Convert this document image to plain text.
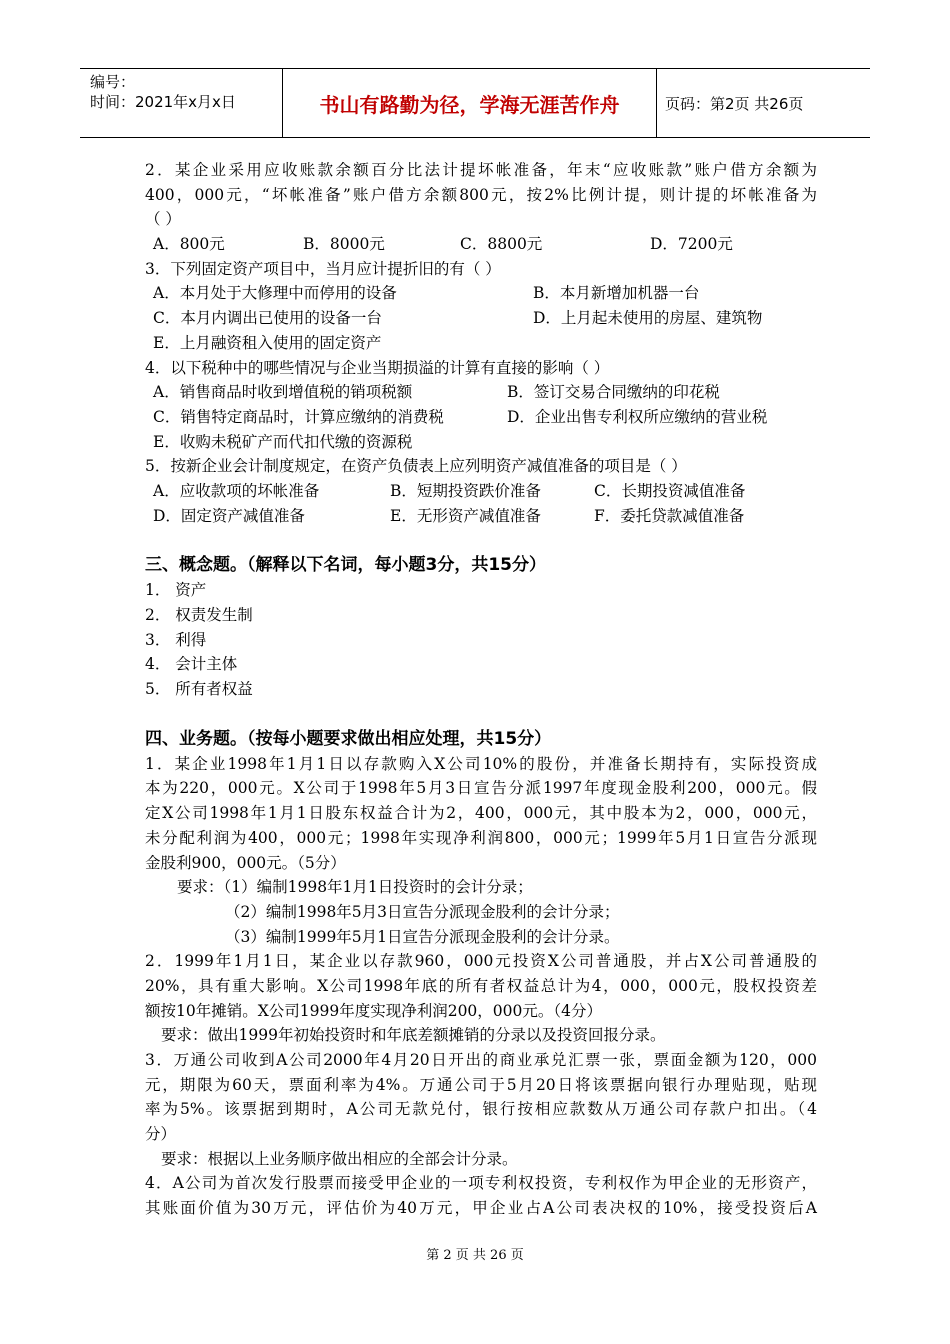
编号：
时间：2021年x月x日	书山有路勤为径，学海无涯苦作舟	页码：第2页 共26页
2．某企业采用应收账款余额百分比法计提坏帐准备，年末“应收账款”账户借方余额为
400，000元，“坏帐准备”账户借方余额800元，按2%比例计提，则计提的坏帐准备为
（ ）
A．800元	B．8000元	C．8800元	D．7200元
3．下列固定资产项目中，当月应计提折旧的有（ ）
A．本月处于大修理中而停用的设备	B．本月新增加机器一台
C．本月内调出已使用的设备一台	D．上月起未使用的房屋、建筑物
E．上月融资租入使用的固定资产
4．以下税种中的哪些情况与企业当期损溢的计算有直接的影响（ ）
A．销售商品时收到增值税的销项税额	B．签订交易合同缴纳的印花税
C．销售特定商品时，计算应缴纳的消费税	D．企业出售专利权所应缴纳的营业税
E．收购未税矿产而代扣代缴的资源税
5．按新企业会计制度规定，在资产负债表上应列明资产减值准备的项目是（ ）
A．应收款项的坏帐准备	B．短期投资跌价准备	C．长期投资减值准备
D．固定资产减值准备	E．无形资产减值准备	F．委托贷款减值准备
三、概念题。（解释以下名词，每小题3分，共15分）
1． 资产
2． 权责发生制
3． 利得
4． 会计主体
5． 所有者权益
四、业务题。（按每小题要求做出相应处理，共15分）
1．某企业1998年1月1日以存款购入X公司10%的股份，并准备长期持有，实际投资成
本为220，000元。X公司于1998年5月3日宣告分派1997年度现金股利200，000元。假
定X公司1998年1月1日股东权益合计为2，400，000元，其中股本为2，000，000元，
未分配利润为400，000元；1998年实现净利润800，000元；1999年5月1日宣告分派现
金股利900，000元。（5分）
要求：（1）编制1998年1月1日投资时的会计分录；
（2）编制1998年5月3日宣告分派现金股利的会计分录；
（3）编制1999年5月1日宣告分派现金股利的会计分录。
2．1999年1月1日，某企业以存款960，000元投资X公司普通股，并占X公司普通股的
20%，具有重大影响。X公司1998年底的所有者权益总计为4，000，000元，股权投资差
额按10年摊销。X公司1999年度实现净利润200，000元。（4分）
要求：做出1999年初始投资时和年底差额摊销的分录以及投资回报分录。
3．万通公司收到A公司2000年4月20日开出的商业承兑汇票一张，票面金额为120，000
元，期限为60天，票面利率为4%。万通公司于5月20日将该票据向银行办理贴现，贴现
率为5%。该票据到期时，A公司无款兑付，银行按相应款数从万通公司存款户扣出。（4
分）
要求：根据以上业务顺序做出相应的全部会计分录。
4．A公司为首次发行股票而接受甲企业的一项专利权投资，专利权作为甲企业的无形资产，
其账面价值为30万元，评估价为40万元，甲企业占A公司表决权的10%，接受投资后A
第 2 页 共 26 页
